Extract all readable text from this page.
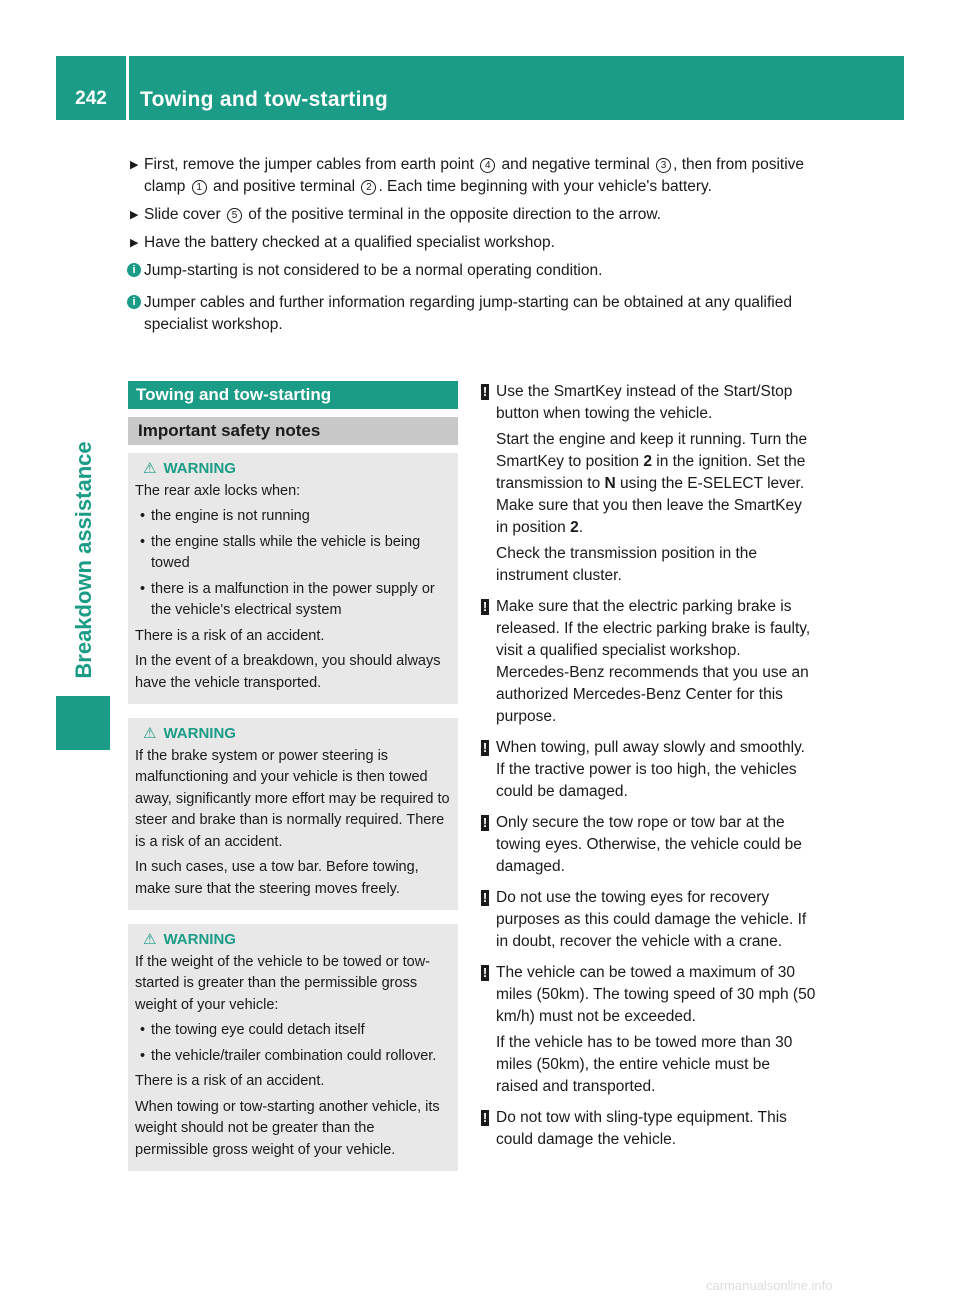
242	Towing and tow-starting
Breakdown assistance
▶ First, remove the jumper cables from earth point 4 and negative terminal 3 , then from positive clamp 1 and positive terminal 2 . Each time beginning with your vehicle's battery.
▶ Slide cover 5 of the positive terminal in the opposite direction to the arrow.
▶ Have the battery checked at a qualified specialist workshop.
i Jump-starting is not considered to be a normal operating condition.
i Jumper cables and further information regarding jump-starting can be obtained at any qualified specialist workshop.
Towing and tow-starting
Important safety notes
⚠ WARNING

The rear axle locks when:

• the engine is not running
• the engine stalls while the vehicle is being towed
• there is a malfunction in the power supply or the vehicle's electrical system

There is a risk of an accident.

In the event of a breakdown, you should always have the vehicle transported.

⚠ WARNING

If the brake system or power steering is malfunctioning and your vehicle is then towed away, significantly more effort may be required to steer and brake than is normally required. There is a risk of an accident.

In such cases, use a tow bar. Before towing, make sure that the steering moves freely.

⚠ WARNING

If the weight of the vehicle to be towed or tow-started is greater than the permissible gross weight of your vehicle:

• the towing eye could detach itself
• the vehicle/trailer combination could rollover.

There is a risk of an accident.

When towing or tow-starting another vehicle, its weight should not be greater than the permissible gross weight of your vehicle.

! Use the SmartKey instead of the Start/Stop button when towing the vehicle.

Start the engine and keep it running. Turn the SmartKey to position 2 in the ignition. Set the transmission to N using the E-SELECT lever. Make sure that you then leave the SmartKey in position 2.

Check the transmission position in the instrument cluster.

! Make sure that the electric parking brake is released. If the electric parking brake is faulty, visit a qualified specialist workshop. Mercedes-Benz recommends that you use an authorized Mercedes-Benz Center for this purpose.

! When towing, pull away slowly and smoothly. If the tractive power is too high, the vehicles could be damaged.

! Only secure the tow rope or tow bar at the towing eyes. Otherwise, the vehicle could be damaged.

! Do not use the towing eyes for recovery purposes as this could damage the vehicle. If in doubt, recover the vehicle with a crane.

! The vehicle can be towed a maximum of 30 miles (50km). The towing speed of 30 mph (50 km/h) must not be exceeded.

If the vehicle has to be towed more than 30 miles (50km), the entire vehicle must be raised and transported.

! Do not tow with sling-type equipment. This could damage the vehicle.

carmanualsonline.info
